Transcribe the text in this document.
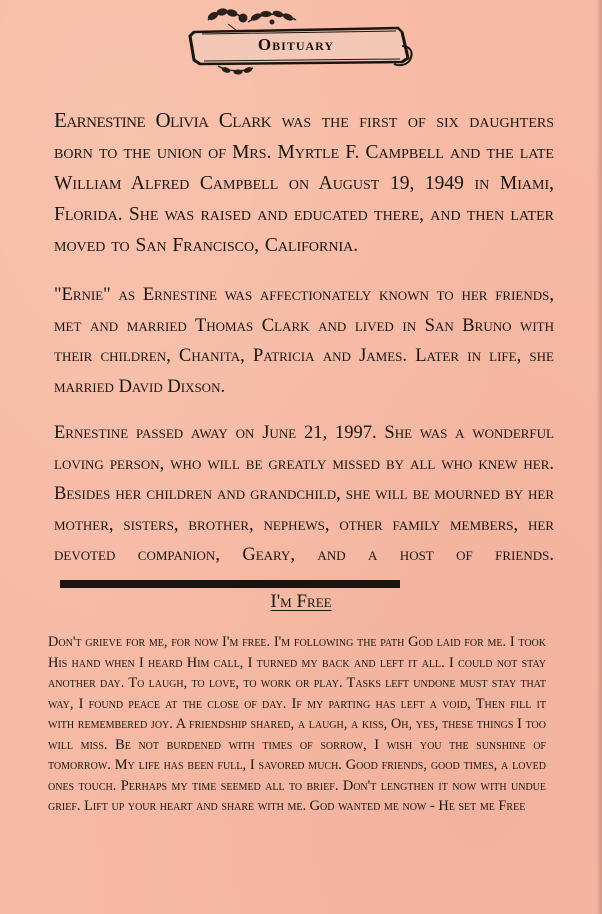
Obituary
Earnestine Olivia Clark was the first of six daughters born to the union of Mrs. Myrtle F. Campbell and the late William Alfred Campbell on August 19, 1949 in Miami, Florida. She was raised and educated there, and then later moved to San Francisco, California.
"Ernie" as Ernestine was affectionately known to her friends, met and married Thomas Clark and lived in San Bruno with their children, Chanita, Patricia and James. Later in life, she married David Dixson.
Ernestine passed away on June 21, 1997. She was a wonderful loving person, who will be greatly missed by all who knew her. Besides her children and grandchild, she will be mourned by her mother, sisters, brother, nephews, other family members, her devoted companion, Geary, and a host of friends.
I'm Free
Don't grieve for me, for now I'm free. I'm following the path God laid for me. I took His hand when I heard Him call, I turned my back and left it all. I could not stay another day. To laugh, to love, to work or play. Tasks left undone must stay that way, I found peace at the close of day. If my parting has left a void, Then fill it with remembered joy. A friendship shared, a laugh, a kiss, Oh, yes, these things I too will miss. Be not burdened with times of sorrow, I wish you the sunshine of tomorrow. My life has been full, I savored much. Good friends, good times, a loved ones touch. Perhaps my time seemed all to brief. Don't lengthen it now with undue grief. Lift up your heart and share with me. God wanted me now - He set me Free
